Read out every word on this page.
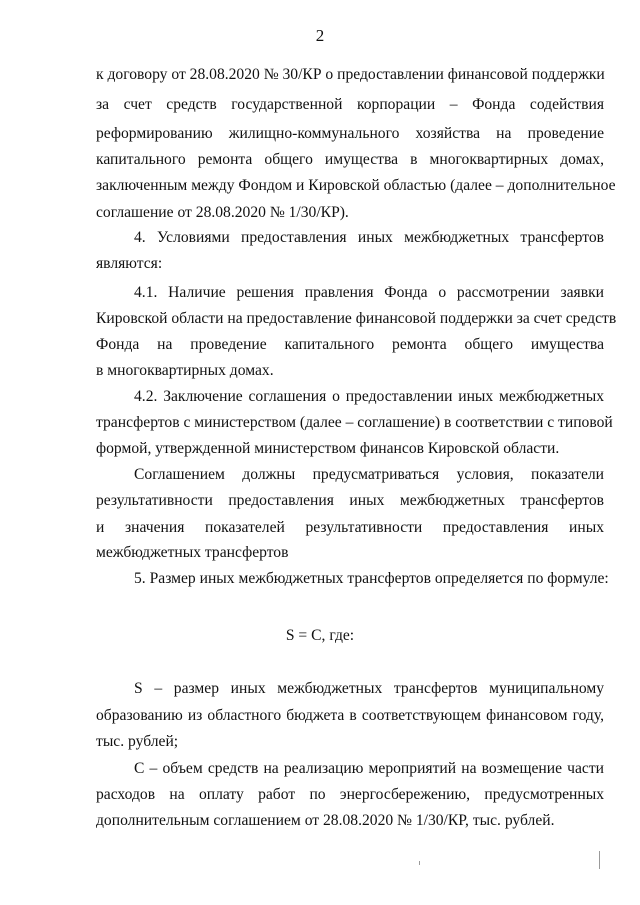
2
к договору от 28.08.2020 № 30/КР о предоставлении финансовой поддержки
за счет средств государственной корпорации – Фонда содействия
реформированию жилищно-коммунального хозяйства на проведение
капитального ремонта общего имущества в многоквартирных домах,
заключенным между Фондом и Кировской областью (далее – дополнительное
соглашение от 28.08.2020 № 1/30/КР).
4. Условиями предоставления иных межбюджетных трансфертов
являются:
4.1. Наличие решения правления Фонда о рассмотрении заявки
Кировской области на предоставление финансовой поддержки за счет средств
Фонда на проведение капитального ремонта общего имущества
в многоквартирных домах.
4.2. Заключение соглашения о предоставлении иных межбюджетных
трансфертов с министерством (далее – соглашение) в соответствии с типовой
формой, утвержденной министерством финансов Кировской области.
Соглашением должны предусматриваться условия, показатели
результативности предоставления иных межбюджетных трансфертов
и значения показателей результативности предоставления иных
межбюджетных трансфертов
5. Размер иных межбюджетных трансфертов определяется по формуле:
S = C, где:
S – размер иных межбюджетных трансфертов муниципальному
образованию из областного бюджета в соответствующем финансовом году,
тыс. рублей;
C – объем средств на реализацию мероприятий на возмещение части
расходов на оплату работ по энергосбережению, предусмотренных
дополнительным соглашением от 28.08.2020 № 1/30/КР, тыс. рублей.
